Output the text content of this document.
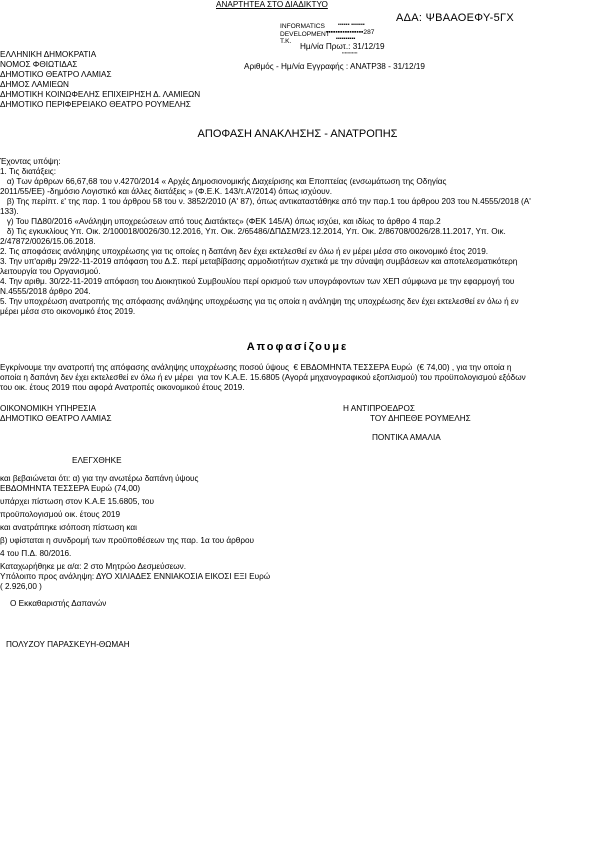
ΑΝΑΡΤΗΤΕΑ ΣΤΟ ΔΙΑΔΙΚΤΥΟ
ΑΔΑ: ΨΒΑΑΟΕΦΥ-5ΓΧ
INFORMATICS
DEVELOPMENT
Τ.Κ.
▪▪▪▪▪▪ ▪▪▪▪▪▪▪
▪▪▪▪▪▪▪▪▪▪▪▪▪▪▪▪287
▪▪▪▪▪▪▪▪▪▪
Ημ/νία Πρωτ.: 31/12/19
▪▪▪▪▪▪▪▪▪▪▪
Αριθμός - Ημ/νία Εγγραφής : ΑΝΑΤΡ38 - 31/12/19
ΕΛΛΗΝΙΚΗ ΔΗΜΟΚΡΑΤΙΑ
ΝΟΜΟΣ ΦΘΙΩΤΙΔΑΣ
ΔΗΜΟΤΙΚΟ ΘΕΑΤΡΟ ΛΑΜΙΑΣ
ΔΗΜΟΣ ΛΑΜΙΕΩΝ
ΔΗΜΟΤΙΚΗ ΚΟΙΝΩΦΕΛΗΣ ΕΠΙΧΕΙΡΗΣΗ Δ. ΛΑΜΙΕΩΝ
ΔΗΜΟΤΙΚΟ ΠΕΡΙΦΕΡΕΙΑΚΟ ΘΕΑΤΡΟ ΡΟΥΜΕΛΗΣ
ΑΠΟΦΑΣΗ ΑΝΑΚΛΗΣΗΣ - ΑΝΑΤΡΟΠΗΣ
Έχοντας υπόψη:
1. Τις διατάξεις:
α) Των άρθρων 66,67,68 του ν.4270/2014 « Αρχές Δημοσιονομικής Διαχείρισης και Εποπτείας (ενσωμάτωση της Οδηγίας
2011/55/ΕΕ) -δημόσιο Λογιστικό και άλλες διατάξεις » (Φ.Ε.Κ. 143/τ.Α'/2014) όπως ισχύουν.
β) Της περίπτ. ε' της παρ. 1 του άρθρου 58 του ν. 3852/2010 (Α' 87), όπως αντικαταστάθηκε από την παρ.1 του άρθρου 203 του Ν.4555/2018 (Α'
133).
γ) Του ΠΔ80/2016 «Ανάληψη υποχρεώσεων από τους Διατάκτες» (ΦΕΚ 145/Α) όπως ισχύει, και ιδίως το άρθρο 4 παρ.2
δ) Τις εγκυκλίους Υπ. Οικ. 2/100018/0026/30.12.2016, Υπ. Οικ. 2/65486/ΔΠΔΣΜ/23.12.2014, Υπ. Οικ. 2/86708/0026/28.11.2017, Υπ. Οικ.
2/47872/0026/15.06.2018.
2. Τις αποφάσεις ανάληψης υποχρέωσης για τις οποίες η δαπάνη δεν έχει εκτελεσθεί εν όλω ή εν μέρει μέσα στο οικονομικό έτος 2019.
3. Την υπ'αριθμ 29/22-11-2019 απόφαση του Δ.Σ. περί μεταβίβασης αρμοδιοτήτων σχετικά με την σύναψη συμβάσεων και αποτελεσματικότερη
λειτουργία του Οργανισμού.
4. Την αριθμ. 30/22-11-2019 απόφαση του Διοικητικού Συμβουλίου περί ορισμού των υπογράφοντων των ΧΕΠ σύμφωνα με την εφαρμογή του
Ν.4555/2018 άρθρο 204.
5. Την υποχρέωση ανατροπής της απόφασης ανάληψης υποχρέωσης για τις οποία η ανάληψη της υποχρέωσης δεν έχει εκτελεσθεί εν όλω ή εν
μέρει μέσα στο οικονομικό έτος 2019.
Αποφασίζουμε
Εγκρίνουμε την ανατροπή της απόφασης ανάληψης υποχρέωσης ποσού ύψους  € ΕΒΔΟΜΗΝΤΑ ΤΕΣΣΕΡΑ Ευρώ  (€ 74,00) , για την οποία η
οποία η δαπάνη δεν έχει εκτελεσθεί εν όλω ή εν μέρει  για τον Κ.Α.Ε. 15.6805 (Αγορά μηχανογραφικού εξοπλισμού) του προϋπολογισμού εξόδων
του οικ. έτους 2019 που αφορά Ανατροπές οικονομικού έτους 2019.
ΟΙΚΟΝΟΜΙΚΗ ΥΠΗΡΕΣΙΑ
ΔΗΜΟΤΙΚΟ ΘΕΑΤΡΟ ΛΑΜΙΑΣ
Η ΑΝΤΙΠΡΟΕΔΡΟΣ
ΤΟΥ ΔΗΠΕΘΕ ΡΟΥΜΕΛΗΣ
ΠΟΝΤΙΚΑ ΑΜΑΛΙΑ
ΕΛΕΓΧΘΗΚΕ
και βεβαιώνεται ότι: α) για την ανωτέρω δαπάνη ύψους
ΕΒΔΟΜΗΝΤΑ ΤΕΣΣΕΡΑ Ευρώ (74,00)
υπάρχει πίστωση στον Κ.Α.Ε 15.6805, του
προϋπολογισμού οικ. έτους 2019
και ανατράπηκε ισόποση πίστωση και
β) υφίσταται η συνδρομή των προϋποθέσεων της παρ. 1α του άρθρου
4 του Π.Δ. 80/2016.
Καταχωρήθηκε με α/α: 2 στο Μητρώο Δεσμεύσεων.
Υπόλοιπο προς ανάληψη: ΔΥΟ ΧΙΛΙΑΔΕΣ ΕΝΝΙΑΚΟΣΙΑ ΕΙΚΟΣΙ ΕΞΙ Ευρώ
( 2.926,00 )
Ο Εκκαθαριστής Δαπανών
ΠΟΛΥΖΟΥ ΠΑΡΑΣΚΕΥΗ-ΘΩΜΑΗ
